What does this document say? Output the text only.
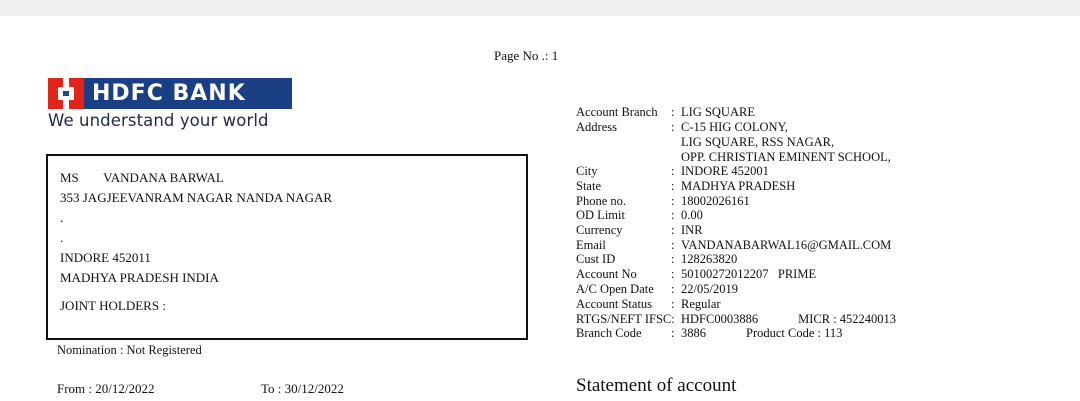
Page No .: 1
HDFC BANK
We understand your world
MS VANDANA BARWAL
353 JAGJEEVANRAM NAGAR NANDA NAGAR
.
.
INDORE 452011
MADHYA PRADESH INDIA
JOINT HOLDERS :
Nomination : Not Registered
From : 20/12/2022	To : 30/12/2022	Statement of account
Account Branch : LIG SQUARE
Address	: C-15 HIG COLONY,
LIG SQUARE, RSS NAGAR,
OPP. CHRISTIAN EMINENT SCHOOL,
City	: INDORE 452001
State	: MADHYA PRADESH
Phone no.	: 18002026161
OD Limit	: 0.00
Currency	: INR
Email	: VANDANABARWAL16@GMAIL.COM
Cust ID	: 128263820
Account No	: 50100272012207   PRIME
A/C Open Date : 22/05/2019
Account Status : Regular
RTGS/NEFT IFSC: HDFC0003886	MICR : 452240013
Branch Code : 3886	Product Code : 113
